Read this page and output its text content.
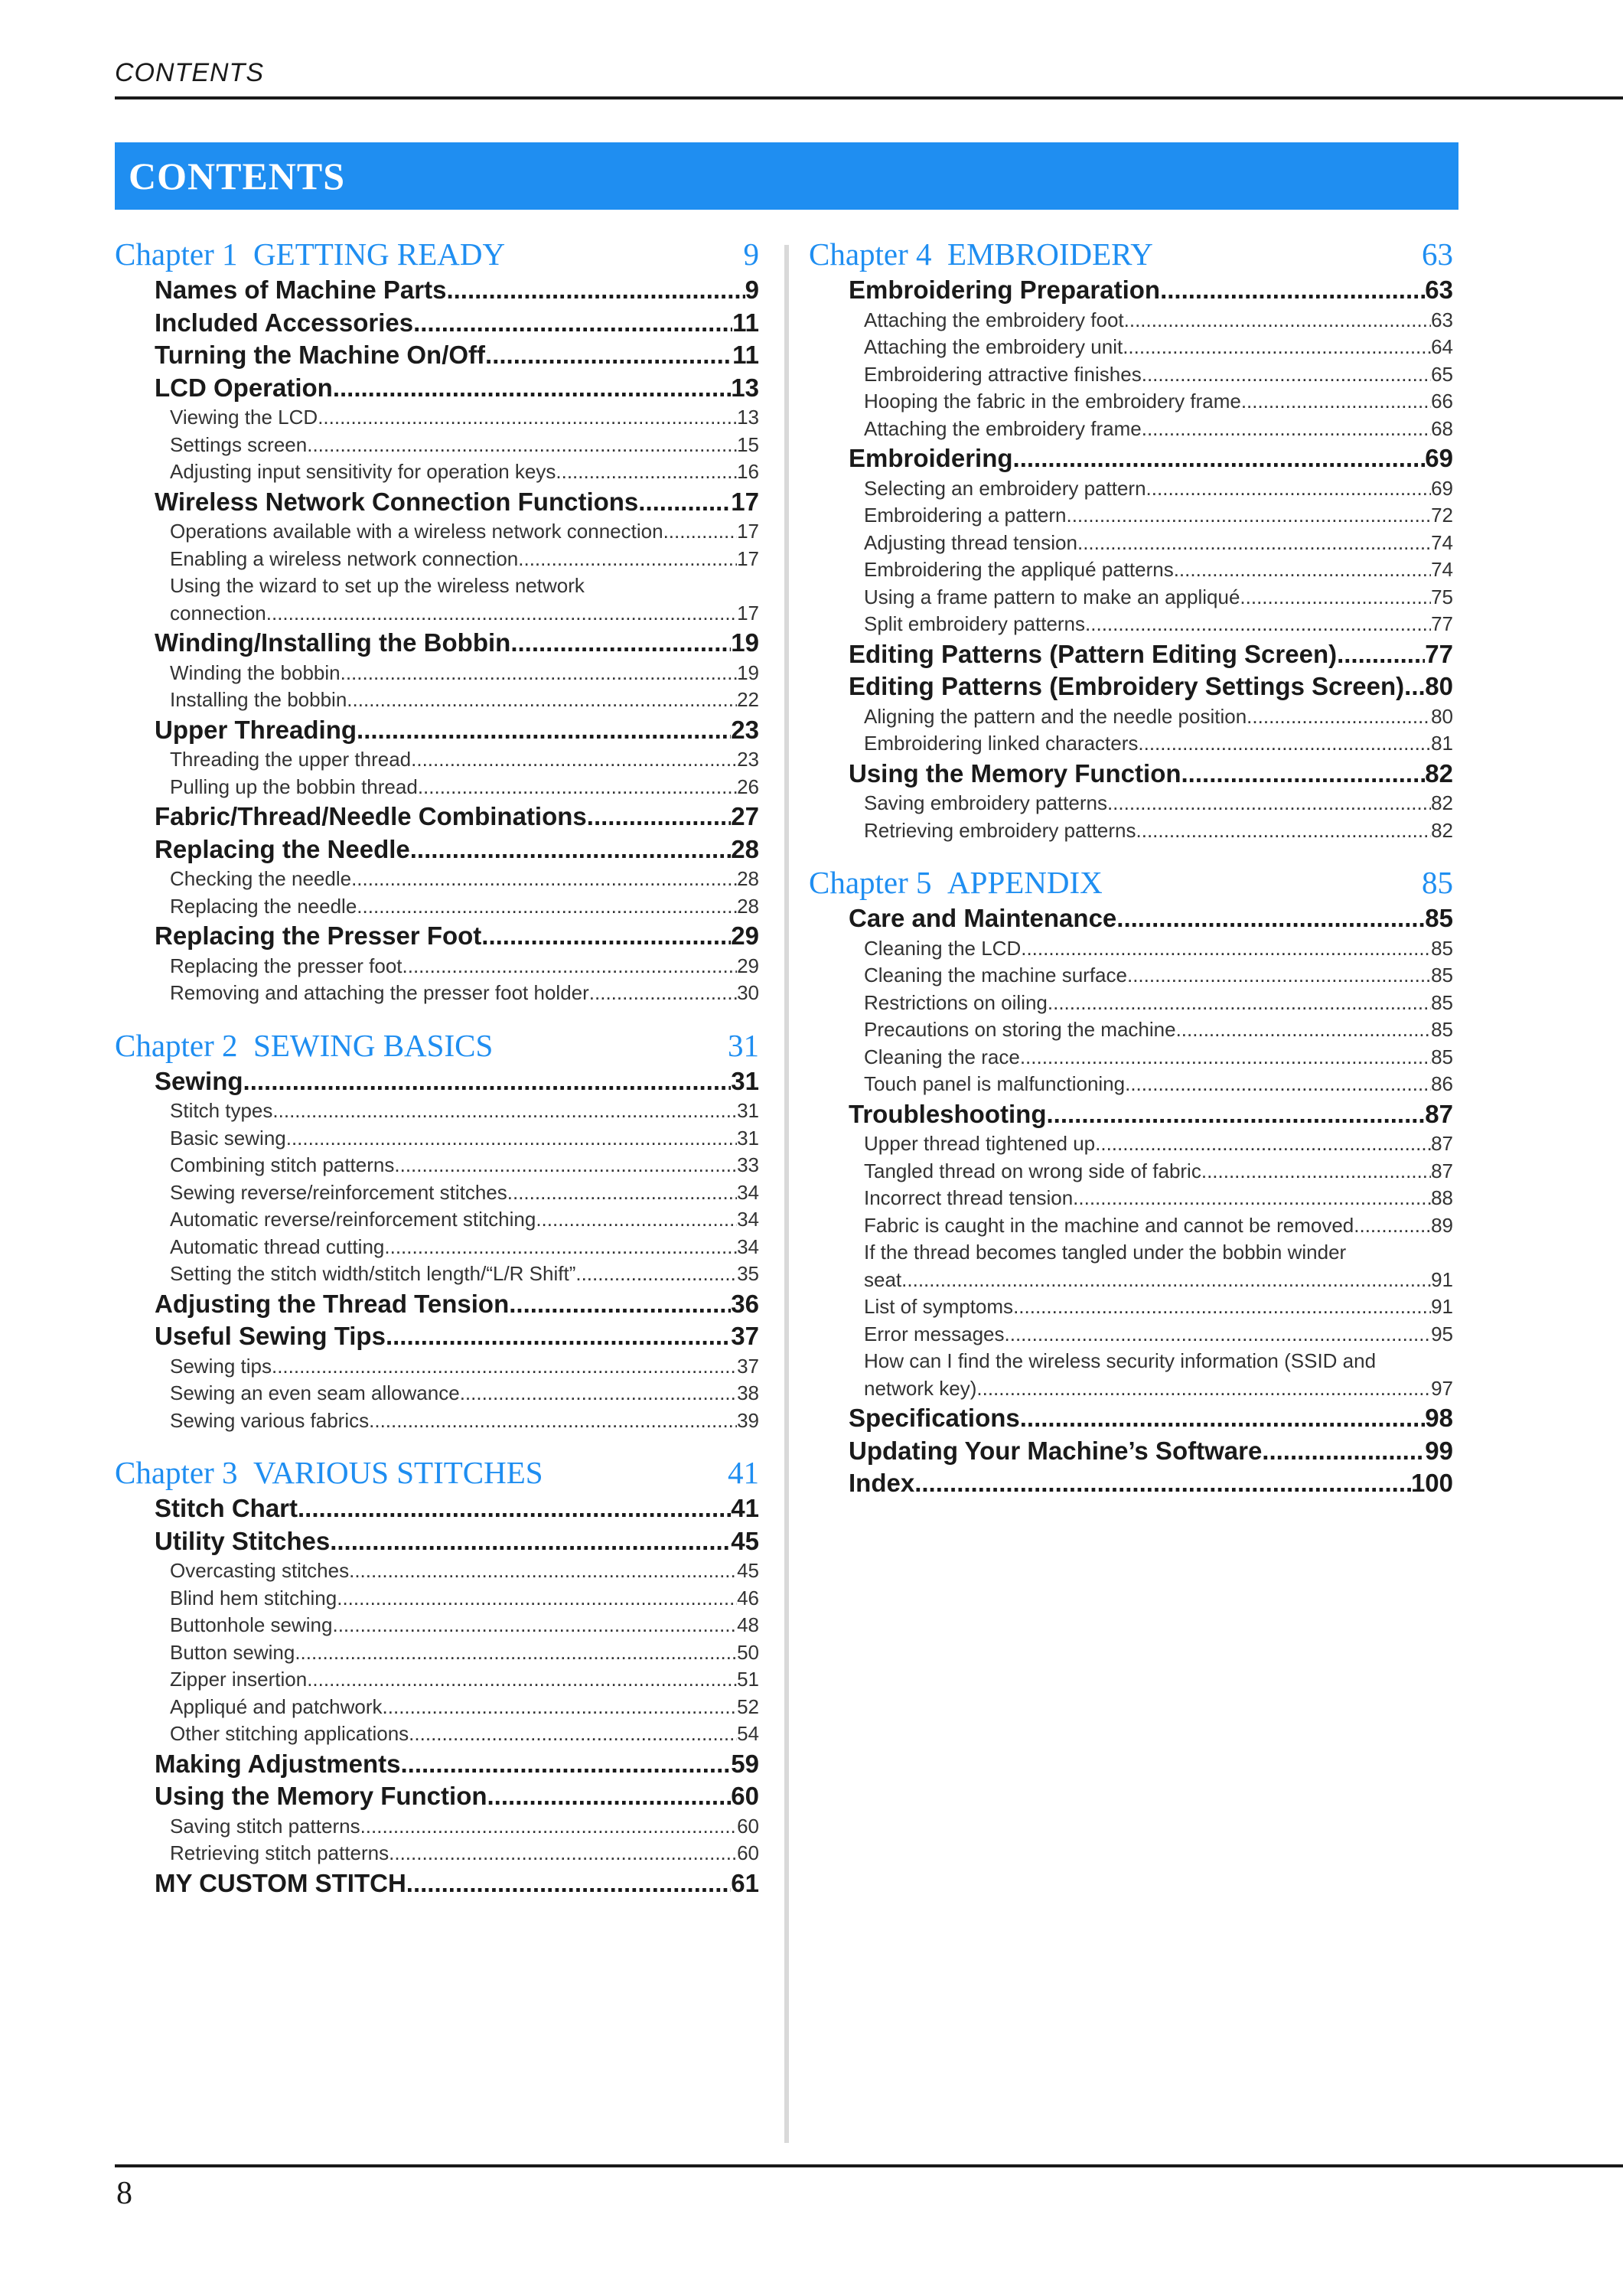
CONTENTS
CONTENTS
Chapter 1 GETTING READY	9
Names of Machine Parts .....	9
Included Accessories .....	11
Turning the Machine On/Off .....	11
LCD Operation .....	13
Viewing the LCD .....	13
Settings screen .....	15
Adjusting input sensitivity for operation keys .....	16
Wireless Network Connection Functions .....	17
Operations available with a wireless network connection .....	17
Enabling a wireless network connection .....	17
Using the wizard to set up the wireless network
connection .....	17
Winding/Installing the Bobbin .....	19
Winding the bobbin .....	19
Installing the bobbin .....	22
Upper Threading .....	23
Threading the upper thread .....	23
Pulling up the bobbin thread .....	26
Fabric/Thread/Needle Combinations .....	27
Replacing the Needle .....	28
Checking the needle .....	28
Replacing the needle .....	28
Replacing the Presser Foot .....	29
Replacing the presser foot .....	29
Removing and attaching the presser foot holder .....	30
Chapter 2 SEWING BASICS	31
Sewing .....	31
Stitch types .....	31
Basic sewing .....	31
Combining stitch patterns .....	33
Sewing reverse/reinforcement stitches .....	34
Automatic reverse/reinforcement stitching .....	34
Automatic thread cutting .....	34
Setting the stitch width/stitch length/“L/R Shift” .....	35
Adjusting the Thread Tension .....	36
Useful Sewing Tips .....	37
Sewing tips .....	37
Sewing an even seam allowance .....	38
Sewing various fabrics .....	39
Chapter 3 VARIOUS STITCHES	41
Stitch Chart .....	41
Utility Stitches .....	45
Overcasting stitches .....	45
Blind hem stitching .....	46
Buttonhole sewing .....	48
Button sewing .....	50
Zipper insertion .....	51
Appliqué and patchwork .....	52
Other stitching applications .....	54
Making Adjustments .....	59
Using the Memory Function .....	60
Saving stitch patterns .....	60
Retrieving stitch patterns .....	60
MY CUSTOM STITCH .....	61
Chapter 4 EMBROIDERY	63
Embroidering Preparation .....	63
Attaching the embroidery foot .....	63
Attaching the embroidery unit .....	64
Embroidering attractive finishes .....	65
Hooping the fabric in the embroidery frame .....	66
Attaching the embroidery frame .....	68
Embroidering .....	69
Selecting an embroidery pattern .....	69
Embroidering a pattern .....	72
Adjusting thread tension .....	74
Embroidering the appliqué patterns .....	74
Using a frame pattern to make an appliqué .....	75
Split embroidery patterns .....	77
Editing Patterns (Pattern Editing Screen) .....	77
Editing Patterns (Embroidery Settings Screen) ..... 80
Aligning the pattern and the needle position .....	80
Embroidering linked characters .....	81
Using the Memory Function .....	82
Saving embroidery patterns .....	82
Retrieving embroidery patterns .....	82
Chapter 5 APPENDIX	85
Care and Maintenance .....	85
Cleaning the LCD .....	85
Cleaning the machine surface .....	85
Restrictions on oiling .....	85
Precautions on storing the machine .....	85
Cleaning the race .....	85
Touch panel is malfunctioning .....	86
Troubleshooting .....	87
Upper thread tightened up .....	87
Tangled thread on wrong side of fabric .....	87
Incorrect thread tension .....	88
Fabric is caught in the machine and cannot be removed .....	89
If the thread becomes tangled under the bobbin winder
seat .....	91
List of symptoms .....	91
Error messages .....	95
How can I find the wireless security information (SSID and
network key) .....	97
Specifications .....	98
Updating Your Machine’s Software .....	99
Index .....	100
8
